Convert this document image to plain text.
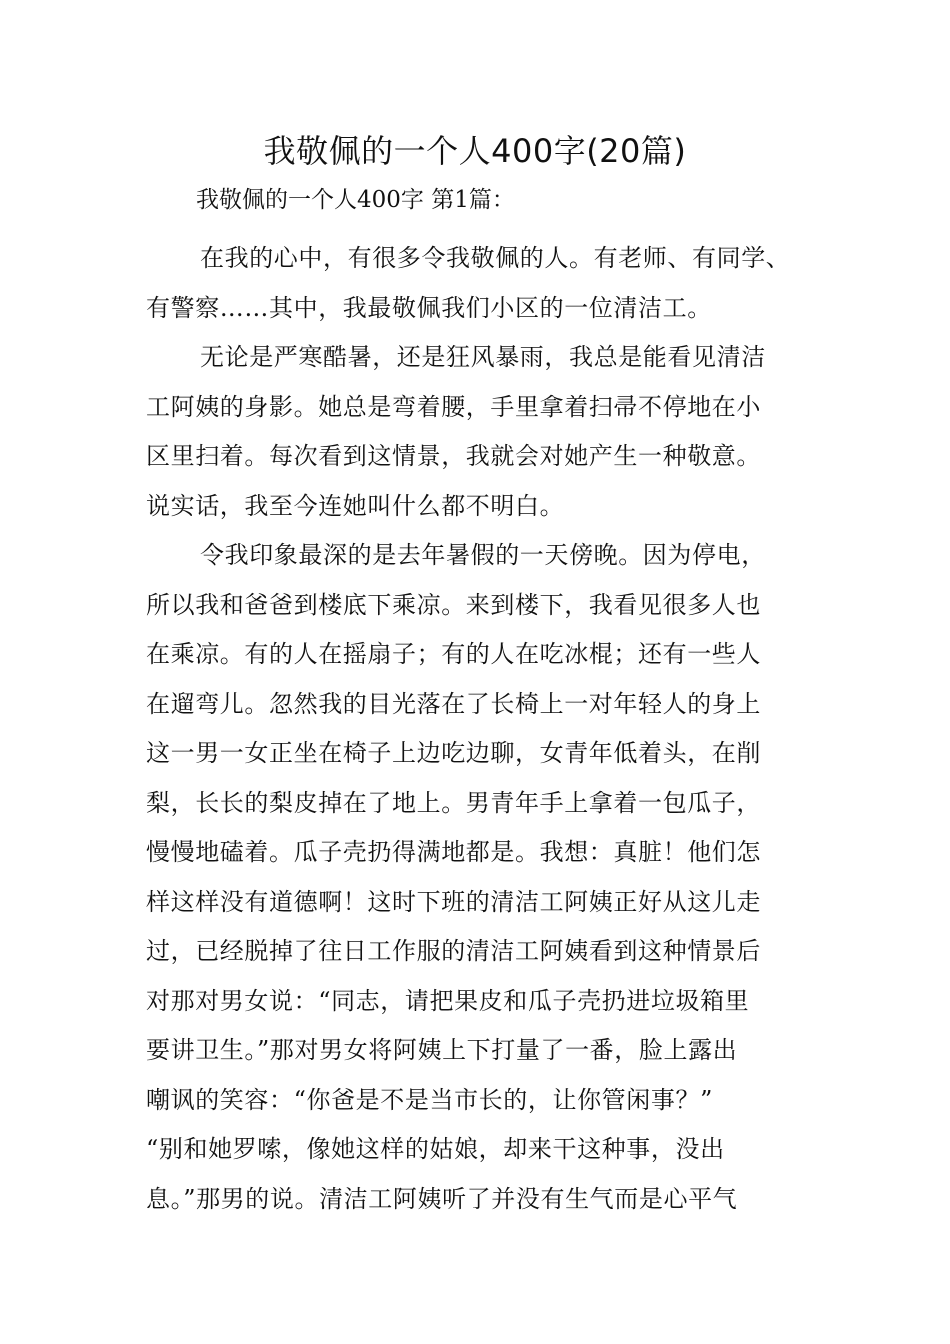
我敬佩的一个人400字(20篇)

我敬佩的一个人400字 第1篇：

在我的心中，有很多令我敬佩的人。有老师、有同学、
有警察……其中，我最敬佩我们小区的一位清洁工。

无论是严寒酷暑，还是狂风暴雨，我总是能看见清洁
工阿姨的身影。她总是弯着腰，手里拿着扫帚不停地在小
区里扫着。每次看到这情景，我就会对她产生一种敬意。
说实话，我至今连她叫什么都不明白。

令我印象最深的是去年暑假的一天傍晚。因为停电，
所以我和爸爸到楼底下乘凉。来到楼下，我看见很多人也
在乘凉。有的人在摇扇子；有的人在吃冰棍；还有一些人
在遛弯儿。忽然我的目光落在了长椅上一对年轻人的身上
这一男一女正坐在椅子上边吃边聊，女青年低着头，在削
梨，长长的梨皮掉在了地上。男青年手上拿着一包瓜子，
慢慢地磕着。瓜子壳扔得满地都是。我想：真脏！他们怎
样这样没有道德啊！这时下班的清洁工阿姨正好从这儿走
过，已经脱掉了往日工作服的清洁工阿姨看到这种情景后
对那对男女说：“同志，请把果皮和瓜子壳扔进垃圾箱里
要讲卫生。”那对男女将阿姨上下打量了一番，脸上露出
嘲讽的笑容：“你爸是不是当市长的，让你管闲事？”
“别和她罗嗦，像她这样的姑娘，却来干这种事，没出
息。”那男的说。清洁工阿姨听了并没有生气而是心平气
